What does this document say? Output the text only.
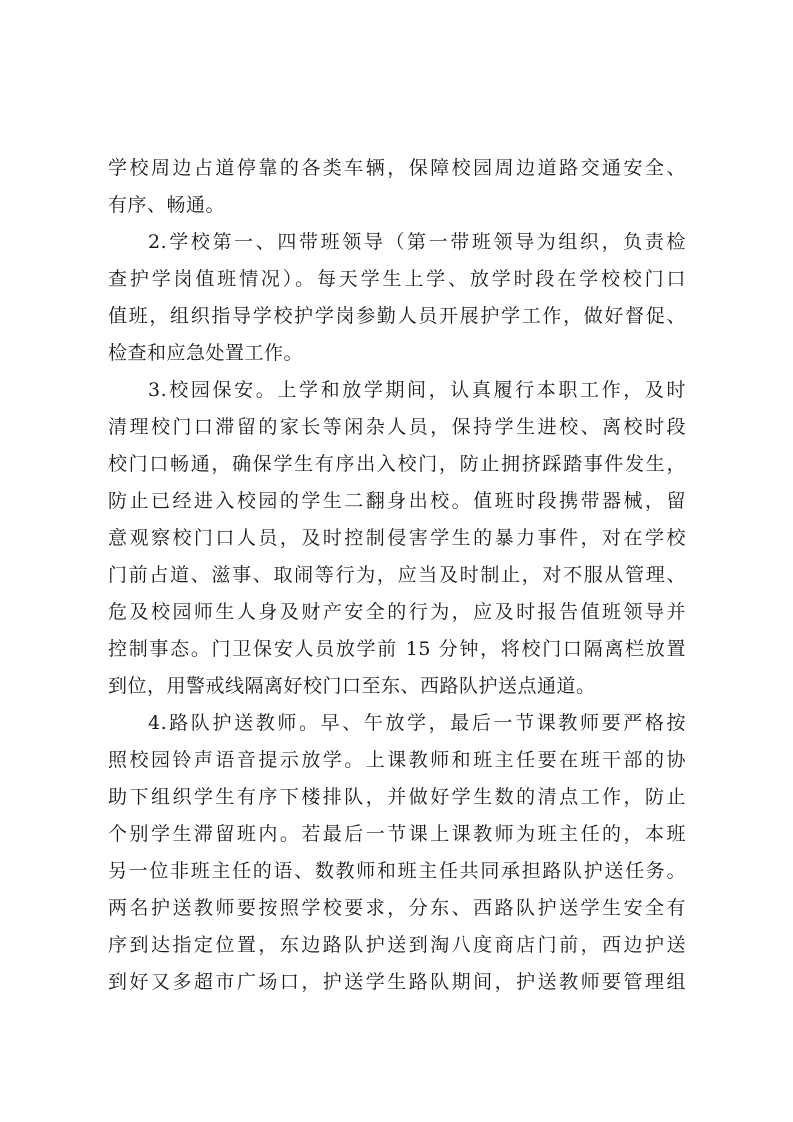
学校周边占道停靠的各类车辆，保障校园周边道路交通安全、
有序、畅通。
2.学校第一、四带班领导（第一带班领导为组织，负责检
查护学岗值班情况）。每天学生上学、放学时段在学校校门口
值班，组织指导学校护学岗参勤人员开展护学工作，做好督促、
检查和应急处置工作。
3.校园保安。上学和放学期间，认真履行本职工作，及时
清理校门口滞留的家长等闲杂人员，保持学生进校、离校时段
校门口畅通，确保学生有序出入校门，防止拥挤踩踏事件发生，
防止已经进入校园的学生二翻身出校。值班时段携带器械，留
意观察校门口人员，及时控制侵害学生的暴力事件，对在学校
门前占道、滋事、取闹等行为，应当及时制止，对不服从管理、
危及校园师生人身及财产安全的行为，应及时报告值班领导并
控制事态。门卫保安人员放学前 15 分钟，将校门口隔离栏放置
到位，用警戒线隔离好校门口至东、西路队护送点通道。
4.路队护送教师。早、午放学，最后一节课教师要严格按
照校园铃声语音提示放学。上课教师和班主任要在班干部的协
助下组织学生有序下楼排队，并做好学生数的清点工作，防止
个别学生滞留班内。若最后一节课上课教师为班主任的，本班
另一位非班主任的语、数教师和班主任共同承担路队护送任务。
两名护送教师要按照学校要求，分东、西路队护送学生安全有
序到达指定位置，东边路队护送到淘八度商店门前，西边护送
到好又多超市广场口，护送学生路队期间，护送教师要管理组
